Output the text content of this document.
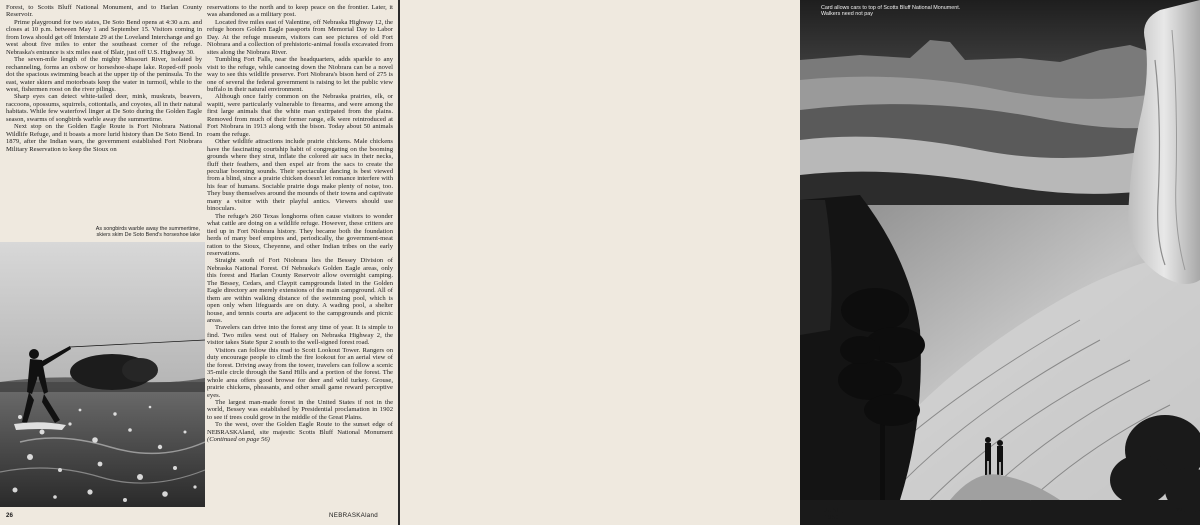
Forest, to Scotts Bluff National Monument, and to Harlan County Reservoir.

Prime playground for two states, De Soto Bend opens at 4:30 a.m. and closes at 10 p.m. between May 1 and September 15. Visitors coming in from Iowa should get off Interstate 29 at the Loveland Interchange and go west about five miles to enter the southeast corner of the refuge. Nebraska's entrance is six miles east of Blair, just off U.S. Highway 30.

The seven-mile length of the mighty Missouri River, isolated by rechanneling, forms an oxbow or horseshoe-shape lake. Roped-off pools dot the spacious swimming beach at the upper tip of the peninsula. To the east, water skiers and motorboats keep the water in turmoil, while to the west, fishermen roost on the river pilings.

Sharp eyes can detect white-tailed deer, mink, muskrats, beavers, raccoons, opossums, squirrels, cottontails, and coyotes, all in their natural habitats. While few waterfowl linger at De Soto during the Golden Eagle season, swarms of songbirds warble away the summertime.

Next stop on the Golden Eagle Route is Fort Niobrara National Wildlife Refuge, and it boasts a more lurid history than De Soto Bend. In 1879, after the Indian wars, the government established Fort Niobrara Military Reservation to keep the Sioux on

As songbirds warble away the summertime, skiers skim De Soto Bend's horseshoe lake

reservations to the north and to keep peace on the frontier. Later, it was abandoned as a military post.

Located five miles east of Valentine, off Nebraska Highway 12, the refuge honors Golden Eagle passports from Memorial Day to Labor Day. At the refuge museum, visitors can see pictures of old Fort Niobrara and a collection of prehistoric-animal fossils excavated from sites along the Niobrara River.

Tumbling Fort Falls, near the headquarters, adds sparkle to any visit to the refuge, while canoeing down the Niobrara can be a novel way to see this wildlife preserve. Fort Niobrara's bison herd of 275 is one of several the federal government is raising to let the public view buffalo in their natural environment.

Although once fairly common on the Nebraska prairies, elk, or wapiti, were particularly vulnerable to firearms, and were among the first large animals that the white man extirpated from the plains. Removed from much of their former range, elk were reintroduced at Fort Niobrara in 1913 along with the bison. Today about 50 animals roam the refuge.

Other wildlife attractions include prairie chickens. Male chickens have the fascinating courtship habit of congregating on the booming grounds where they strut, inflate the colored air sacs in their necks, fluff their feathers, and then expel air from the sacs to create the peculiar booming sounds. Their spectacular dancing is best viewed from a blind, since a prairie chicken doesn't let romance interfere with his fear of humans. Sociable prairie dogs make plenty of noise, too. They busy themselves around the mounds of their towns and captivate many a visitor with their playful antics. Viewers should use binoculars.

The refuge's 260 Texas longhorns often cause visitors to wonder what cattle are doing on a wildlife refuge. However, these critters are tied up in Fort Niobrara history. They became both the foundation herds of many beef empires and, periodically, the government-meat ration to the Sioux, Cheyenne, and other Indian tribes on the early reservations.

Straight south of Fort Niobrara lies the Bessey Division of Nebraska National Forest. Of Nebraska's Golden Eagle areas, only this forest and Harlan County Reservoir allow overnight camping. The Bessey, Cedars, and Claypit campgrounds listed in the Golden Eagle directory are merely extensions of the main campground. All of them are within walking distance of the swimming pool, which is open only when lifeguards are on duty. A wading pool, a shelter house, and tennis courts are adjacent to the campgrounds and picnic areas.

Travelers can drive into the forest any time of year. It is simple to find. Two miles west out of Halsey on Nebraska Highway 2, the visitor takes State Spur 2 south to the well-signed forest road.

Visitors can follow this road to Scott Lookout Tower. Rangers on duty encourage people to climb the fire lookout for an aerial view of the forest. Driving away from the tower, travelers can follow a scenic 35-mile circle through the Sand Hills and a portion of the forest. The whole area offers good browse for deer and wild turkey. Grouse, prairie chickens, pheasants, and other small game reward perceptive eyes.

The largest man-made forest in the United States if not in the world, Bessey was established by Presidential proclamation in 1902 to see if trees could grow in the middle of the Great Plains.

To the west, over the Golden Eagle Route to the sunset edge of NEBRASKAland, site majestic Scotts Bluff National Monument (Continued on page 56)

26	NEBRASKAland
Card allows cars to top of Scotts Bluff National Monument. Walkers need not pay
JUNE, 1968
27
